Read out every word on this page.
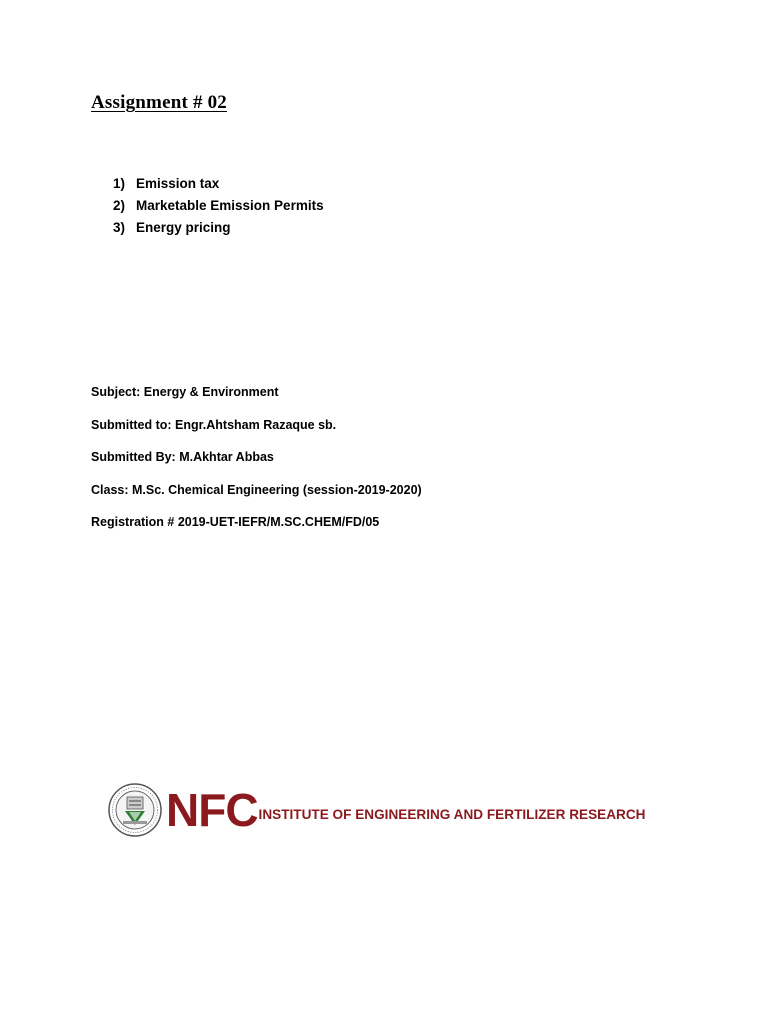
Assignment # 02
1) Emission tax
2) Marketable Emission Permits
3) Energy pricing
Subject: Energy & Environment
Submitted to: Engr.Ahtsham Razaque sb.
Submitted By: M.Akhtar Abbas
Class: M.Sc. Chemical Engineering (session-2019-2020)
Registration # 2019-UET-IEFR/M.SC.CHEM/FD/05
NFC INSTITUTE OF ENGINEERING AND FERTILIZER RESEARCH
